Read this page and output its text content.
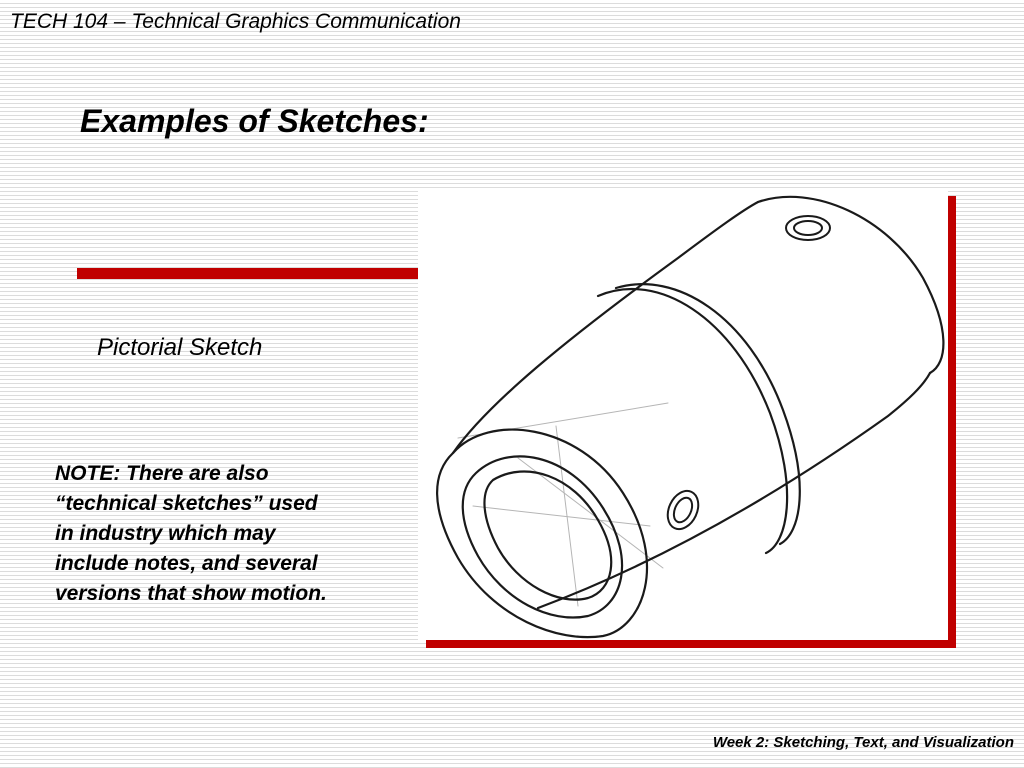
TECH 104 – Technical Graphics Communication
Examples of Sketches:
Pictorial Sketch
NOTE: There are also
“technical sketches” used
in industry which may
include notes, and several
versions that show motion.
Week 2: Sketching, Text, and Visualization
